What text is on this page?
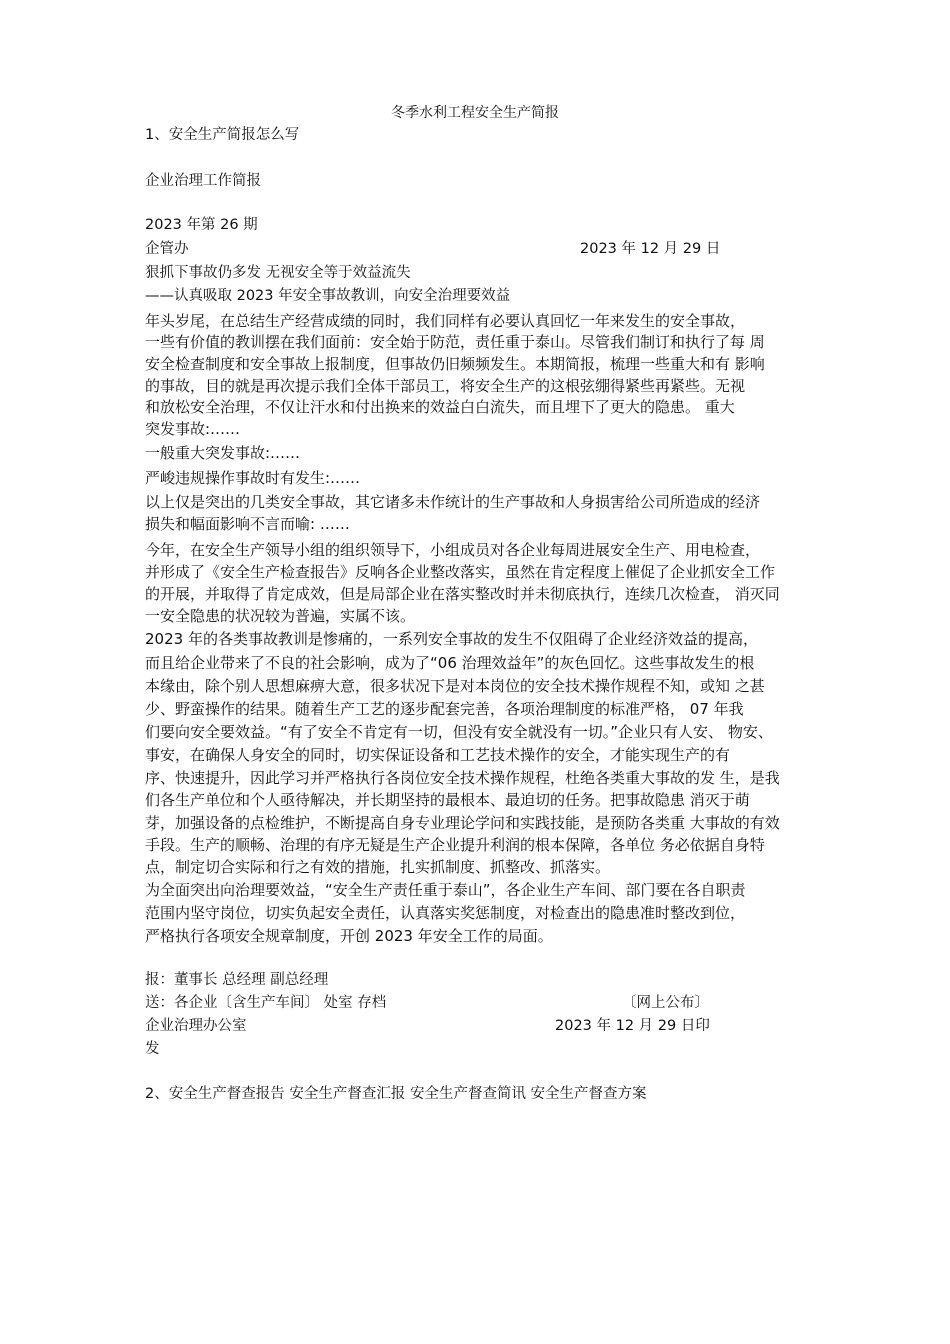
冬季水利工程安全生产简报
1、安全生产简报怎么写
企业治理工作简报
2023 年第 26 期
企管办	2023 年 12 月 29 日
狠抓下事故仍多发 无视安全等于效益流失
——认真吸取 2023 年安全事故教训，向安全治理要效益
年头岁尾，在总结生产经营成绩的同时，我们同样有必要认真回忆一年来发生的安全事故，
一些有价值的教训摆在我们面前：安全始于防范，责任重于泰山。尽管我们制订和执行了每 周
安全检查制度和安全事故上报制度，但事故仍旧频频发生。本期简报，梳理一些重大和有 影响
的事故，目的就是再次提示我们全体干部员工，将安全生产的这根弦绷得紧些再紧些。无视
和放松安全治理，不仅让汗水和付出换来的效益白白流失，而且埋下了更大的隐患。 重大
突发事故:……
一般重大突发事故:……
严峻违规操作事故时有发生:……
以上仅是突出的几类安全事故，其它诸多未作统计的生产事故和人身损害给公司所造成的经济
损失和幅面影响不言而喻: ……
今年，在安全生产领导小组的组织领导下，小组成员对各企业每周进展安全生产、用电检查，
并形成了《安全生产检查报告》反响各企业整改落实，虽然在肯定程度上催促了企业抓安全工作
的开展，并取得了肯定成效，但是局部企业在落实整改时并未彻底执行，连续几次检查， 消灭同
一安全隐患的状况较为普遍，实属不该。
2023 年的各类事故教训是惨痛的，一系列安全事故的发生不仅阻碍了企业经济效益的提高，
而且给企业带来了不良的社会影响，成为了“06 治理效益年”的灰色回忆。这些事故发生的根
本缘由，除个别人思想麻痹大意，很多状况下是对本岗位的安全技术操作规程不知，或知 之甚
少、野蛮操作的结果。随着生产工艺的逐步配套完善，各项治理制度的标准严格， 07 年我
们要向安全要效益。“有了安全不肯定有一切，但没有安全就没有一切。”企业只有人安、 物安、
事安，在确保人身安全的同时，切实保证设备和工艺技术操作的安全，才能实现生产的有
序、快速提升，因此学习并严格执行各岗位安全技术操作规程，杜绝各类重大事故的发 生，是我
们各生产单位和个人亟待解决，并长期坚持的最根本、最迫切的任务。把事故隐患 消灭于萌
芽，加强设备的点检维护，不断提高自身专业理论学问和实践技能，是预防各类重 大事故的有效
手段。生产的顺畅、治理的有序无疑是生产企业提升利润的根本保障，各单位 务必依据自身特
点，制定切合实际和行之有效的措施，扎实抓制度、抓整改、抓落实。
为全面突出向治理要效益，“安全生产责任重于泰山”，各企业生产车间、部门要在各自职责
范围内坚守岗位，切实负起安全责任，认真落实奖惩制度，对检查出的隐患准时整改到位，
严格执行各项安全规章制度，开创 2023 年安全工作的局面。
报：董事长 总经理 副总经理
送：各企业〔含生产车间〕 处室 存档	〔网上公布〕
企业治理办公室	2023 年 12 月 29 日印
发
2、安全生产督查报告 安全生产督查汇报 安全生产督查简讯 安全生产督查方案
